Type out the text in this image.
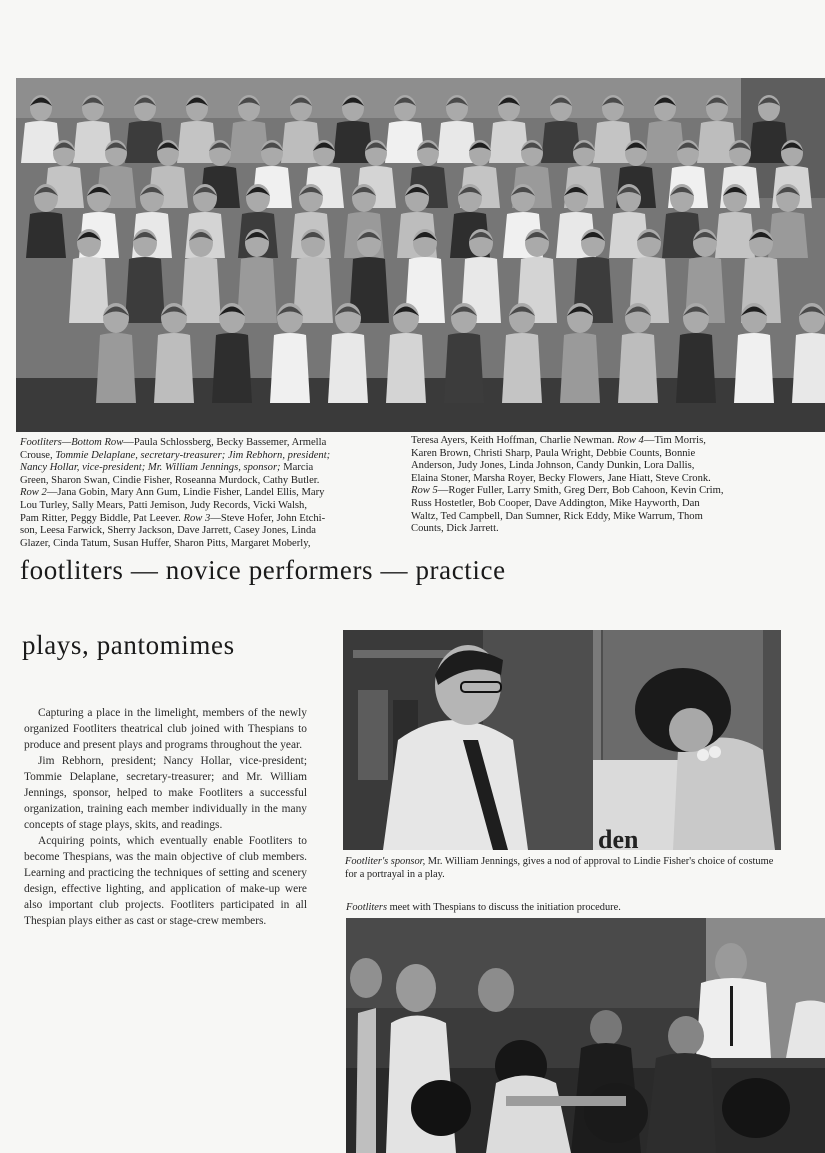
Footliters—Bottom Row—Paula Schlossberg, Becky Bassemer, Armella
Crouse, Tommie Delaplane, secretary-treasurer; Jim Rebhorn, president;
Nancy Hollar, vice-president; Mr. William Jennings, sponsor; Marcia
Green, Sharon Swan, Cindie Fisher, Roseanna Murdock, Cathy Butler.
Row 2—Jana Gobin, Mary Ann Gum, Lindie Fisher, Landel Ellis, Mary
Lou Turley, Sally Mears, Patti Jemison, Judy Records, Vicki Walsh,
Pam Ritter, Peggy Biddle, Pat Leever. Row 3—Steve Hofer, John Etchi-
son, Leesa Farwick, Sherry Jackson, Dave Jarrett, Casey Jones, Linda
Glazer, Cinda Tatum, Susan Huffer, Sharon Pitts, Margaret Moberly,
Teresa Ayers, Keith Hoffman, Charlie Newman. Row 4—Tim Morris,
Karen Brown, Christi Sharp, Paula Wright, Debbie Counts, Bonnie
Anderson, Judy Jones, Linda Johnson, Candy Dunkin, Lora Dallis,
Elaina Stoner, Marsha Royer, Becky Flowers, Jane Hiatt, Steve Cronk.
Row 5—Roger Fuller, Larry Smith, Greg Derr, Bob Cahoon, Kevin Crim,
Russ Hostetler, Bob Cooper, Dave Addington, Mike Hayworth, Dan
Waltz, Ted Campbell, Dan Sumner, Rick Eddy, Mike Warrum, Thom
Counts, Dick Jarrett.
footliters — novice performers — practice
plays, pantomimes

Capturing a place in the limelight, members of the newly organized Footliters theatrical club joined with Thespians to produce and present plays and programs throughout the year.

Jim Rebhorn, president; Nancy Hollar, vice-president; Tommie Delaplane, secretary-treasurer; and Mr. William Jennings, sponsor, helped to make Footliters a successful organization, training each member individually in the many concepts of stage plays, skits, and readings.

Acquiring points, which eventually enable Footliters to become Thespians, was the main objective of club members. Learning and practicing the techniques of setting and scenery design, effective lighting, and application of make-up were also important club projects. Footliters participated in all Thespian plays either as cast or stage-crew members.

den
Footliter's sponsor, Mr. William Jennings, gives a nod of approval to Lindie Fisher's choice of costume for a portrayal in a play.
Footliters meet with Thespians to discuss the initiation procedure.
